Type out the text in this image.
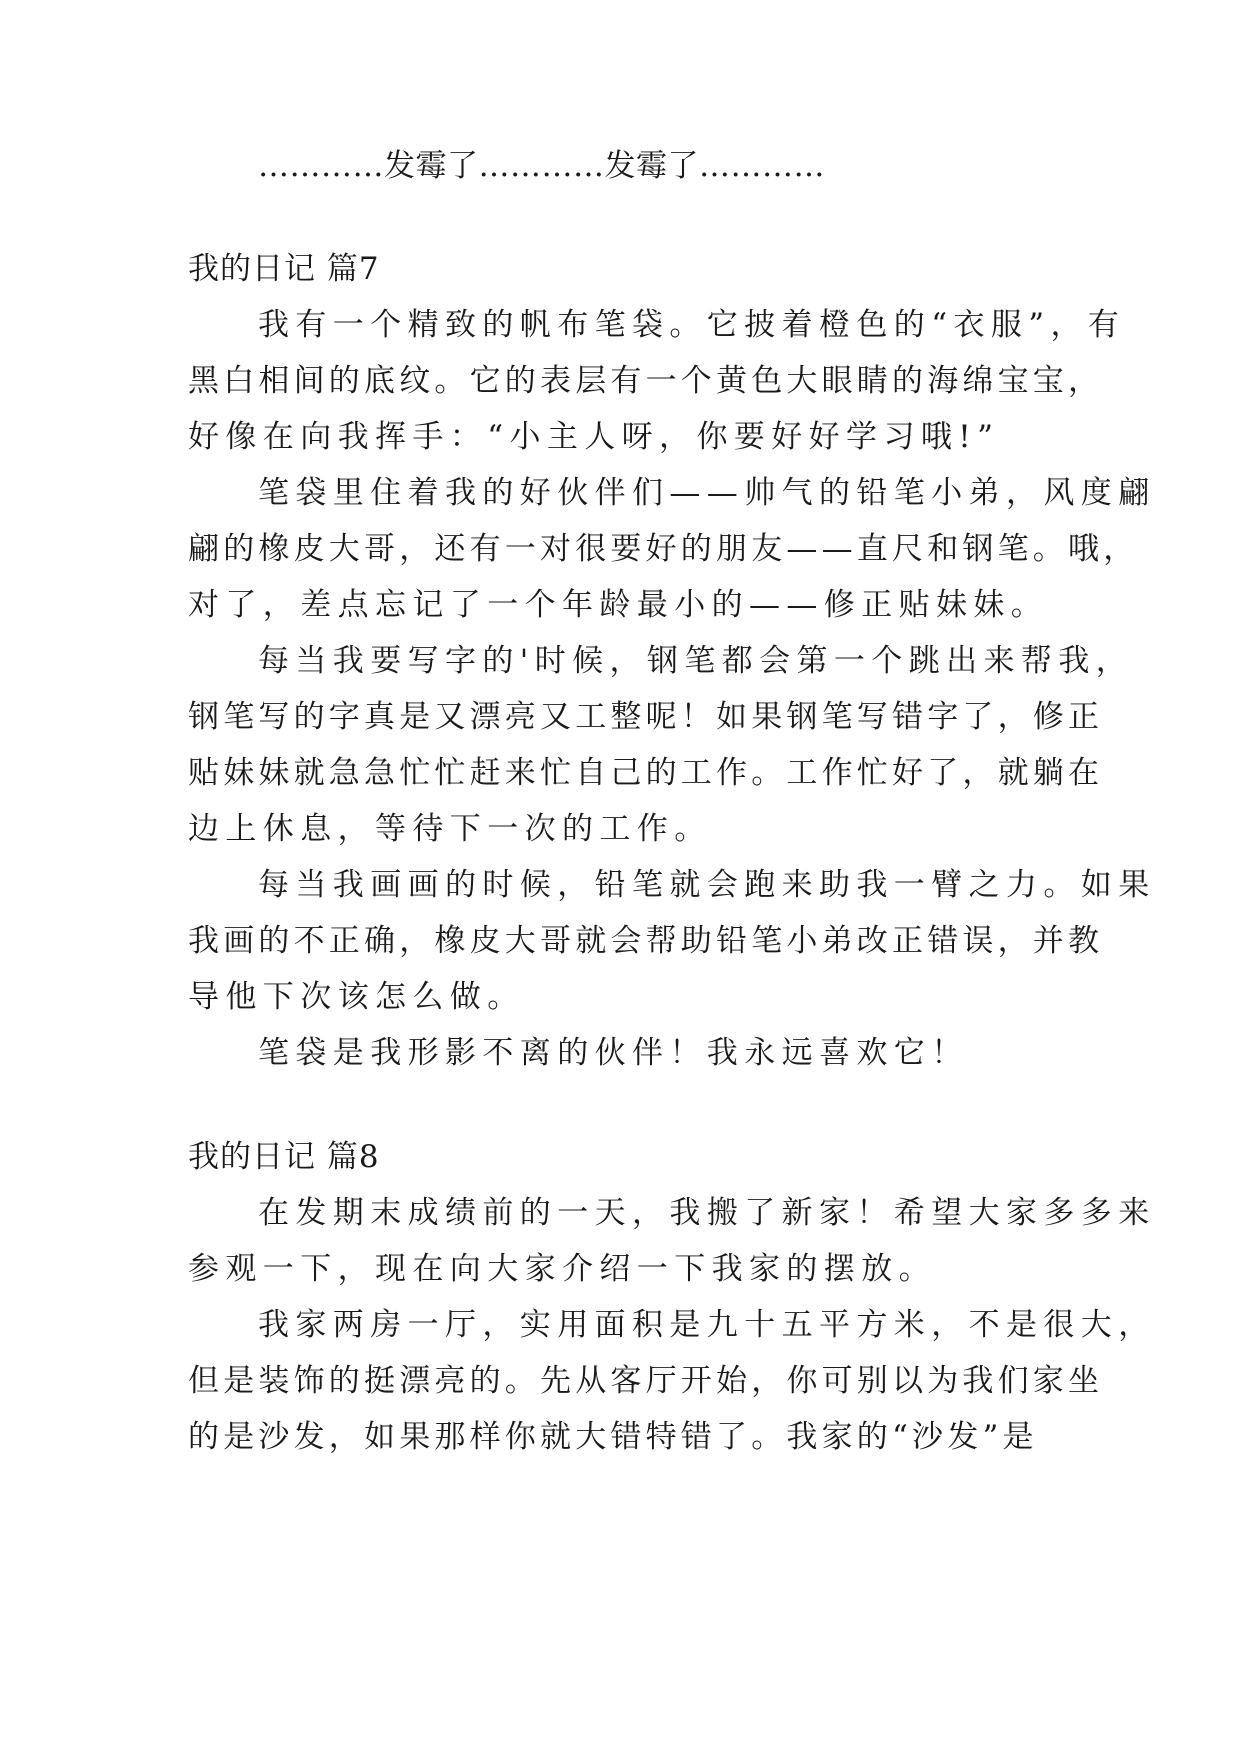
…………发霉了…………发霉了…………
我的日记 篇7
我有一个精致的帆布笔袋。它披着橙色的“衣服”，有
黑白相间的底纹。它的表层有一个黄色大眼睛的海绵宝宝，
好像在向我挥手：“小主人呀，你要好好学习哦!”
笔袋里住着我的好伙伴们——帅气的铅笔小弟，风度翩
翩的橡皮大哥，还有一对很要好的朋友——直尺和钢笔。哦，
对了，差点忘记了一个年龄最小的——修正贴妹妹。
每当我要写字的'时候，钢笔都会第一个跳出来帮我，
钢笔写的字真是又漂亮又工整呢！如果钢笔写错字了，修正
贴妹妹就急急忙忙赶来忙自己的工作。工作忙好了，就躺在
边上休息，等待下一次的工作。
每当我画画的时候，铅笔就会跑来助我一臂之力。如果
我画的不正确，橡皮大哥就会帮助铅笔小弟改正错误，并教
导他下次该怎么做。
笔袋是我形影不离的伙伴！我永远喜欢它！
我的日记 篇8
在发期末成绩前的一天，我搬了新家！希望大家多多来
参观一下，现在向大家介绍一下我家的摆放。
我家两房一厅，实用面积是九十五平方米，不是很大，
但是装饰的挺漂亮的。先从客厅开始，你可别以为我们家坐
的是沙发，如果那样你就大错特错了。我家的“沙发”是
